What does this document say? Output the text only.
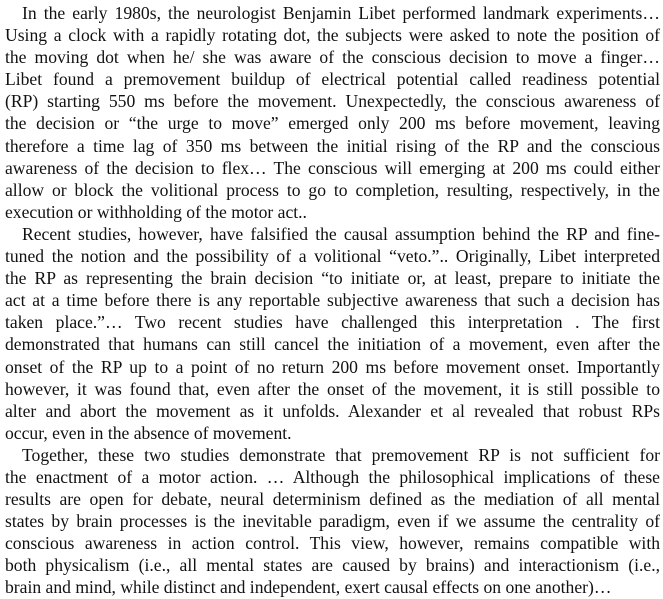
In the early 1980s, the neurologist Benjamin Libet performed landmark experiments…
Using a clock with a rapidly rotating dot, the subjects were asked to note the position of
the moving dot when he/ she was aware of the conscious decision to move a finger…
Libet found a premovement buildup of electrical potential called readiness potential
(RP) starting 550 ms before the movement. Unexpectedly, the conscious awareness of
the decision or “the urge to move” emerged only 200 ms before movement, leaving
therefore a time lag of 350 ms between the initial rising of the RP and the conscious
awareness of the decision to flex… The conscious will emerging at 200 ms could either
allow or block the volitional process to go to completion, resulting, respectively, in the
execution or withholding of the motor act..
Recent studies, however, have falsified the causal assumption behind the RP and fine-
tuned the notion and the possibility of a volitional “veto.”.. Originally, Libet interpreted
the RP as representing the brain decision “to initiate or, at least, prepare to initiate the
act at a time before there is any reportable subjective awareness that such a decision has
taken place.”… Two recent studies have challenged this interpretation . The first
demonstrated that humans can still cancel the initiation of a movement, even after the
onset of the RP up to a point of no return 200 ms before movement onset. Importantly
however, it was found that, even after the onset of the movement, it is still possible to
alter and abort the movement as it unfolds. Alexander et al revealed that robust RPs
occur, even in the absence of movement.
Together, these two studies demonstrate that premovement RP is not sufficient for
the enactment of a motor action. … Although the philosophical implications of these
results are open for debate, neural determinism defined as the mediation of all mental
states by brain processes is the inevitable paradigm, even if we assume the centrality of
conscious awareness in action control. This view, however, remains compatible with
both physicalism (i.e., all mental states are caused by brains) and interactionism (i.e.,
brain and mind, while distinct and independent, exert causal effects on one another)…
